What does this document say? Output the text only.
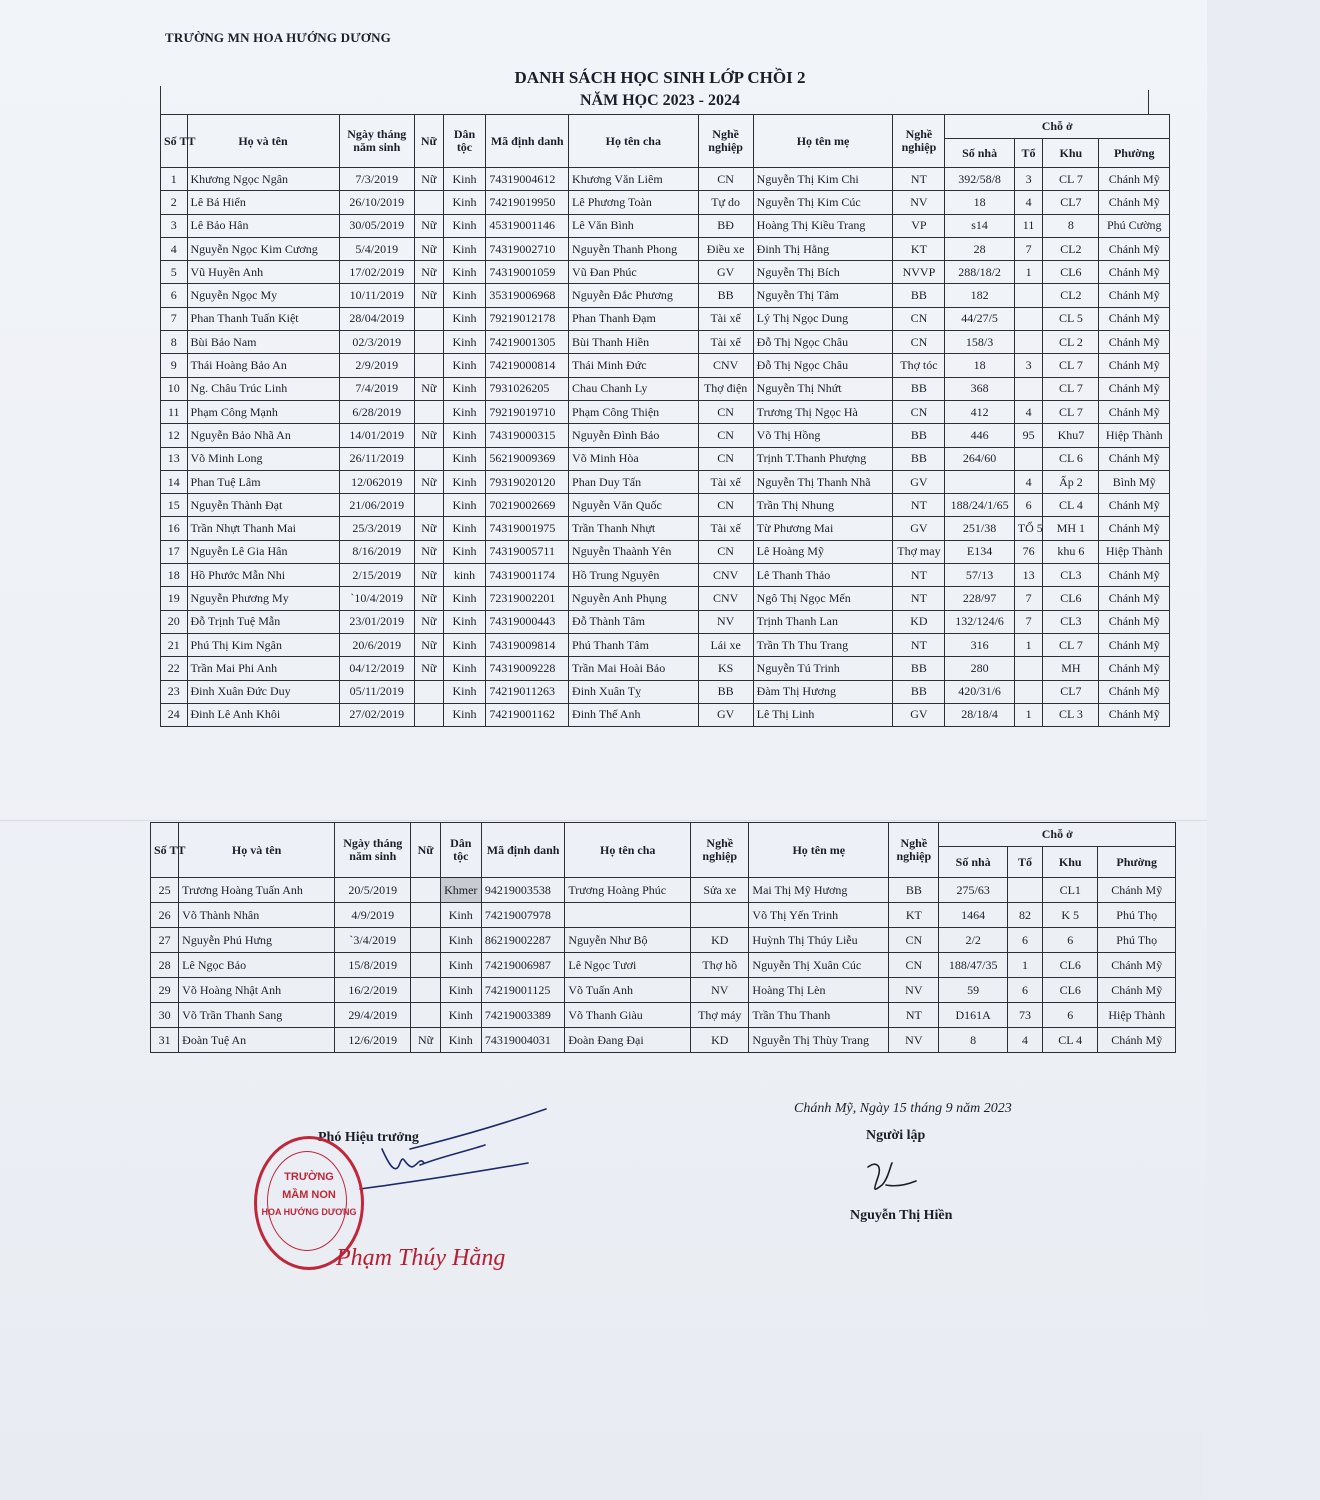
TRƯỜNG MN HOA HƯỚNG DƯƠNG
DANH SÁCH HỌC SINH LỚP CHỒI 2
NĂM HỌC 2023 - 2024
Số TT	Họ và tên	Ngày tháng năm sinh	Nữ	Dân tộc	Mã định danh	Họ tên cha	Nghề nghiệp	Họ tên mẹ	Nghề nghiệp	Chỗ ở			
										Số nhà	Tổ	Khu	Phường
1	Khương Ngọc Ngân	7/3/2019	Nữ	Kinh	74319004612	Khương Văn Liêm	CN	Nguyễn Thị Kim Chi	NT	392/58/8	3	CL 7	Chánh Mỹ
2	Lê Bá Hiển	26/10/2019		Kinh	74219019950	Lê Phương Toàn	Tự do	Nguyễn Thị Kim Cúc	NV	18	4	CL7	Chánh Mỹ
3	Lê Bảo Hân	30/05/2019	Nữ	Kinh	45319001146	Lê Văn Bình	BĐ	Hoàng Thị Kiều Trang	VP	s14	11	8	Phú Cường
4	Nguyễn Ngọc Kim Cương	5/4/2019	Nữ	Kinh	74319002710	Nguyễn Thanh Phong	Điều xe	Đinh Thị Hằng	KT	28	7	CL2	Chánh Mỹ
5	Vũ Huyền Anh	17/02/2019	Nữ	Kinh	74319001059	Vũ Đan Phúc	GV	Nguyễn Thị Bích	NVVP	288/18/2	1	CL6	Chánh Mỹ
6	Nguyễn Ngọc My	10/11/2019	Nữ	Kinh	35319006968	Nguyễn Đắc Phương	BB	Nguyễn Thị Tâm	BB	182		CL2	Chánh Mỹ
7	Phan Thanh Tuấn Kiệt	28/04/2019		Kinh	79219012178	Phan Thanh Đạm	Tài xế	Lý Thị Ngọc Dung	CN	44/27/5		CL 5	Chánh Mỹ
8	Bùi Bảo Nam	02/3/2019		Kinh	74219001305	Bùi Thanh Hiền	Tài xế	Đỗ Thị Ngọc Châu	CN	158/3		CL 2	Chánh Mỹ
9	Thái Hoàng Bảo An	2/9/2019		Kinh	74219000814	Thái Minh Đức	CNV	Đỗ Thị Ngọc Châu	Thợ tóc	18	3	CL 7	Chánh Mỹ
10	Ng. Châu Trúc Linh	7/4/2019	Nữ	Kinh	7931026205	Chau Chanh Ly	Thợ điện	Nguyễn Thị Nhứt	BB	368		CL 7	Chánh Mỹ
11	Phạm Công Mạnh	6/28/2019		Kinh	79219019710	Phạm Công Thiện	CN	Trương Thị Ngọc Hà	CN	412	4	CL 7	Chánh Mỹ
12	Nguyễn Bảo Nhã An	14/01/2019	Nữ	Kinh	74319000315	Nguyễn Đình Bảo	CN	Võ Thị Hồng	BB	446	95	Khu7	Hiệp Thành
13	Võ Minh Long	26/11/2019		Kinh	56219009369	Võ Minh Hòa	CN	Trịnh T.Thanh Phượng	BB	264/60		CL 6	Chánh Mỹ
14	Phan Tuệ Lâm	12/062019	Nữ	Kinh	79319020120	Phan Duy Tấn	Tài xế	Nguyễn Thị Thanh Nhã	GV		4	Ấp 2	Bình Mỹ
15	Nguyễn Thành Đạt	21/06/2019		Kinh	70219002669	Nguyễn Văn Quốc	CN	Trần Thị Nhung	NT	188/24/1/65	6	CL 4	Chánh Mỹ
16	Trần Nhựt Thanh Mai	25/3/2019	Nữ	Kinh	74319001975	Trần Thanh Nhựt	Tài xế	Từ Phương Mai	GV	251/38	TỔ 5	MH 1	Chánh Mỹ
17	Nguyễn Lê Gia Hân	8/16/2019	Nữ	Kinh	74319005711	Nguyễn Thaành Yên	CN	Lê Hoàng Mỹ	Thợ may	E134	76	khu 6	Hiệp Thành
18	Hồ Phước Mẫn Nhi	2/15/2019	Nữ	kinh	74319001174	Hồ Trung Nguyên	CNV	Lê Thanh Thảo	NT	57/13	13	CL3	Chánh Mỹ
19	Nguyễn Phương My	`10/4/2019	Nữ	Kinh	72319002201	Nguyễn Anh Phụng	CNV	Ngô Thị Ngọc Mến	NT	228/97	7	CL6	Chánh Mỹ
20	Đỗ Trịnh Tuệ Mẫn	23/01/2019	Nữ	Kinh	74319000443	Đỗ Thành Tâm	NV	Trịnh Thanh Lan	KD	132/124/6	7	CL3	Chánh Mỹ
21	Phú Thị Kim Ngân	20/6/2019	Nữ	Kinh	74319009814	Phú Thanh Tâm	Lái xe	Trần Th Thu Trang	NT	316	1	CL 7	Chánh Mỹ
22	Trần Mai Phi Anh	04/12/2019	Nữ	Kinh	74319009228	Trần Mai Hoài Bảo	KS	Nguyễn Tú Trinh	BB	280		MH	Chánh Mỹ
23	Đinh Xuân Đức Duy	05/11/2019		Kinh	74219011263	Đinh Xuân Tỵ	BB	Đàm Thị Hương	BB	420/31/6		CL7	Chánh Mỹ
24	Đinh Lê Anh Khôi	27/02/2019		Kinh	74219001162	Đinh Thế Anh	GV	Lê Thị Linh	GV	28/18/4	1	CL 3	Chánh Mỹ
Số TT	Họ và tên	Ngày tháng năm sinh	Nữ	Dân tộc	Mã định danh	Họ tên cha	Nghề nghiệp	Họ tên mẹ	Nghề nghiệp	Chỗ ở			
										Số nhà	Tổ	Khu	Phường
25	Trương Hoàng Tuấn Anh	20/5/2019		Khmer	94219003538	Trương Hoàng Phúc	Sửa xe	Mai Thị Mỹ Hương	BB	275/63		CL1	Chánh Mỹ
26	Võ Thành Nhân	4/9/2019		Kinh	74219007978			Võ Thị Yến Trinh	KT	1464	82	K 5	Phú Thọ
27	Nguyễn Phú Hưng	`3/4/2019		Kinh	86219002287	Nguyễn Như Bộ	KD	Huỳnh Thị Thúy Liễu	CN	2/2	6	6	Phú Thọ
28	Lê Ngọc Bảo	15/8/2019		Kinh	74219006987	Lê Ngọc Tươi	Thợ hồ	Nguyễn Thị Xuân Cúc	CN	188/47/35	1	CL6	Chánh Mỹ
29	Võ Hoàng Nhật Anh	16/2/2019		Kinh	74219001125	Võ Tuấn Anh	NV	Hoàng Thị Lèn	NV	59	6	CL6	Chánh Mỹ
30	Võ Trần Thanh Sang	29/4/2019		Kinh	74219003389	Võ Thanh Giàu	Thợ máy	Trần Thu Thanh	NT	D161A	73	6	Hiệp Thành
31	Đoàn Tuệ An	12/6/2019	Nữ	Kinh	74319004031	Đoàn Đang Đại	KD	Nguyễn Thị Thùy Trang	NV	8	4	CL 4	Chánh Mỹ
Chánh Mỹ, Ngày 15 tháng 9 năm 2023
Người lập
Nguyễn Thị Hiền
Phó Hiệu trưởng
TRƯỜNG
MẦM NON
HOA HƯỚNG DƯƠNG
Phạm Thúy Hằng
